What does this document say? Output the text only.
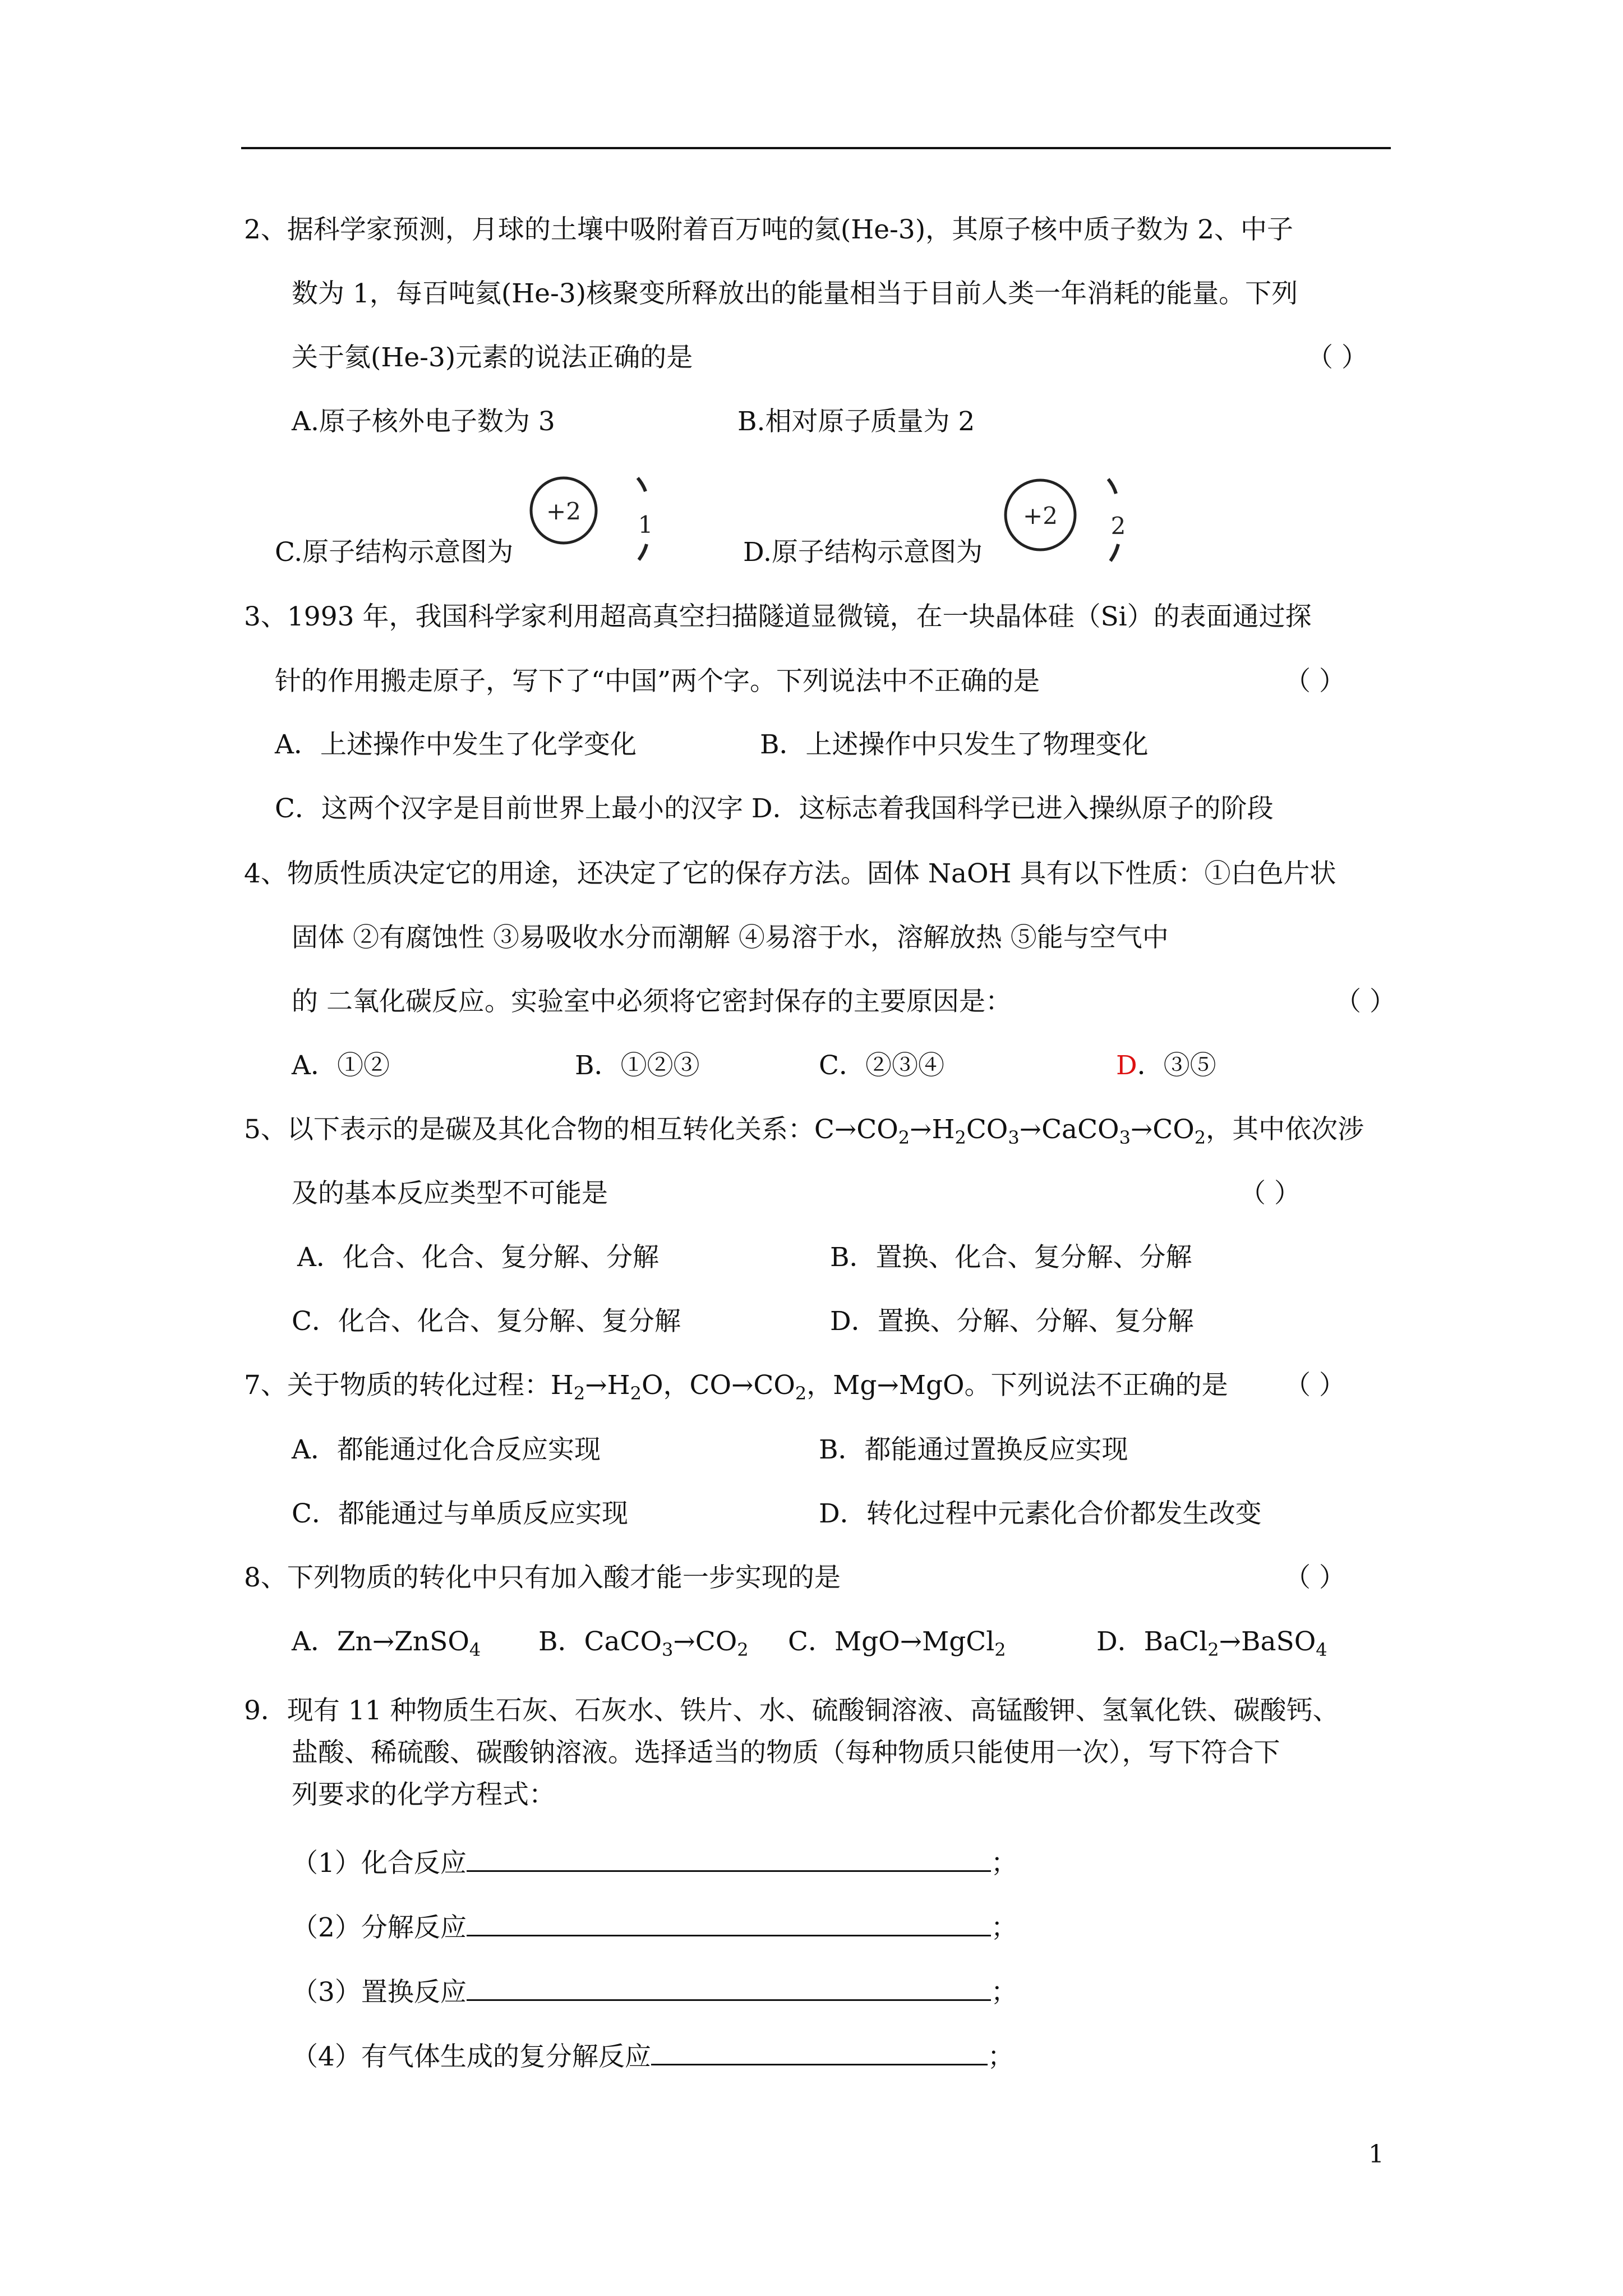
2、据科学家预测，月球的土壤中吸附着百万吨的氦(He-3)，其原子核中质子数为 2、中子
数为 1，每百吨氦(He-3)核聚变所释放出的能量相当于目前人类一年消耗的能量。下列
关于氦(He-3)元素的说法正确的是	（ ）
A.原子核外电子数为 3	B.相对原子质量为 2
C.原子结构示意图为
+2 1
D.原子结构示意图为
+2 2
3、1993 年，我国科学家利用超高真空扫描隧道显微镜，在一块晶体硅（Si）的表面通过探
针的作用搬走原子，写下了“中国”两个字。下列说法中不正确的是	（ ）
A．上述操作中发生了化学变化	B．上述操作中只发生了物理变化
C．这两个汉字是目前世界上最小的汉字 D．这标志着我国科学已进入操纵原子的阶段
4、物质性质决定它的用途，还决定了它的保存方法。固体 NaOH 具有以下性质：①白色片状
固体 ②有腐蚀性 ③易吸收水分而潮解 ④易溶于水，溶解放热 ⑤能与空气中
的 二氧化碳反应。实验室中必须将它密封保存的主要原因是：	（ ）
A．①②	B．①②③	C．②③④	D．③⑤
5、以下表示的是碳及其化合物的相互转化关系：$C\to CO_2\to H_2CO_3\to CaCO_3\to CO_2$，其中依次涉
及的基本反应类型不可能是	（ ）
A．化合、化合、复分解、分解	B．置换、化合、复分解、分解
C．化合、化合、复分解、复分解	D．置换、分解、分解、复分解
7、关于物质的转化过程：$H_2\to H_2O$，$CO\to CO_2$，Mg→MgO。下列说法不正确的是 （ ）
A．都能通过化合反应实现	B．都能通过置换反应实现
C．都能通过与单质反应实现	D．转化过程中元素化合价都发生改变
8、下列物质的转化中只有加入酸才能一步实现的是	（ ）
A．Zn→ZnSO$_4$ B．$CaCO_3\to CO_2$ C．MgO→MgCl$_2$	D．BaCl$_2$→BaSO$_4$
9．现有 11 种物质生石灰、石灰水、铁片、水、硫酸铜溶液、高锰酸钾、氢氧化铁、碳酸钙、
盐酸、稀硫酸、碳酸钠溶液。选择适当的物质（每种物质只能使用一次），写下符合下
列要求的化学方程式：
（1）化合反应	；
（2）分解反应	；
（3）置换反应	；
（4）有气体生成的复分解反应	；
1
